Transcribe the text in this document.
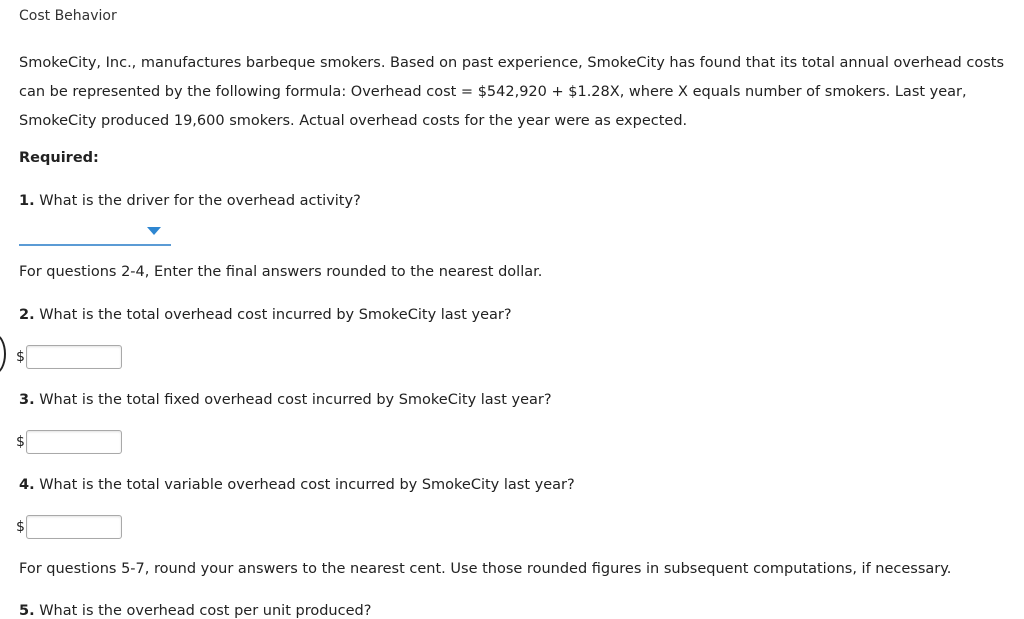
Cost Behavior
SmokeCity, Inc., manufactures barbeque smokers. Based on past experience, SmokeCity has found that its total annual overhead costs can be represented by the following formula: Overhead cost = $542,920 + $1.28X, where X equals number of smokers. Last year, SmokeCity produced 19,600 smokers. Actual overhead costs for the year were as expected.
Required:
1. What is the driver for the overhead activity?
For questions 2-4, Enter the final answers rounded to the nearest dollar.
2. What is the total overhead cost incurred by SmokeCity last year?
$
3. What is the total fixed overhead cost incurred by SmokeCity last year?
$
4. What is the total variable overhead cost incurred by SmokeCity last year?
$
For questions 5-7, round your answers to the nearest cent. Use those rounded figures in subsequent computations, if necessary.
5. What is the overhead cost per unit produced?
